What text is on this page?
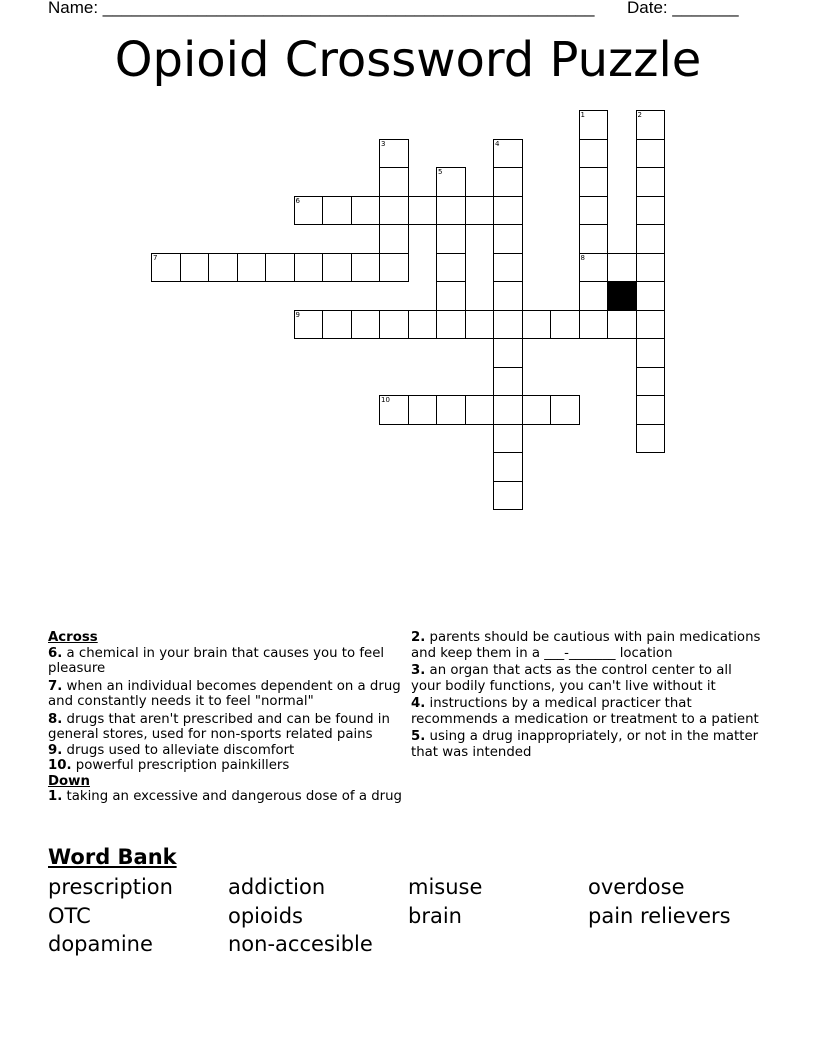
Name: ____________________________________________________ Date: _______
Opioid Crossword Puzzle
1
8
2
3	4
5
6
7
9
10
Across
6. a chemical in your brain that causes you to feel pleasure
7. when an individual becomes dependent on a drug and constantly needs it to feel "normal"
8. drugs that aren't prescribed and can be found in general stores, used for non-sports related pains
9. drugs used to alleviate discomfort
10. powerful prescription painkillers
Down
1. taking an excessive and dangerous dose of a drug
2. parents should be cautious with pain medications and keep them in a ___-_______ location
3. an organ that acts as the control center to all your bodily functions, you can't live without it
4. instructions by a medical practicer that recommends a medication or treatment to a patient
5. using a drug inappropriately, or not in the matter that was intended
Word Bank
prescription	addiction	misuse	overdose
OTC	opioids	brain	pain relievers
dopamine	non-accesible
